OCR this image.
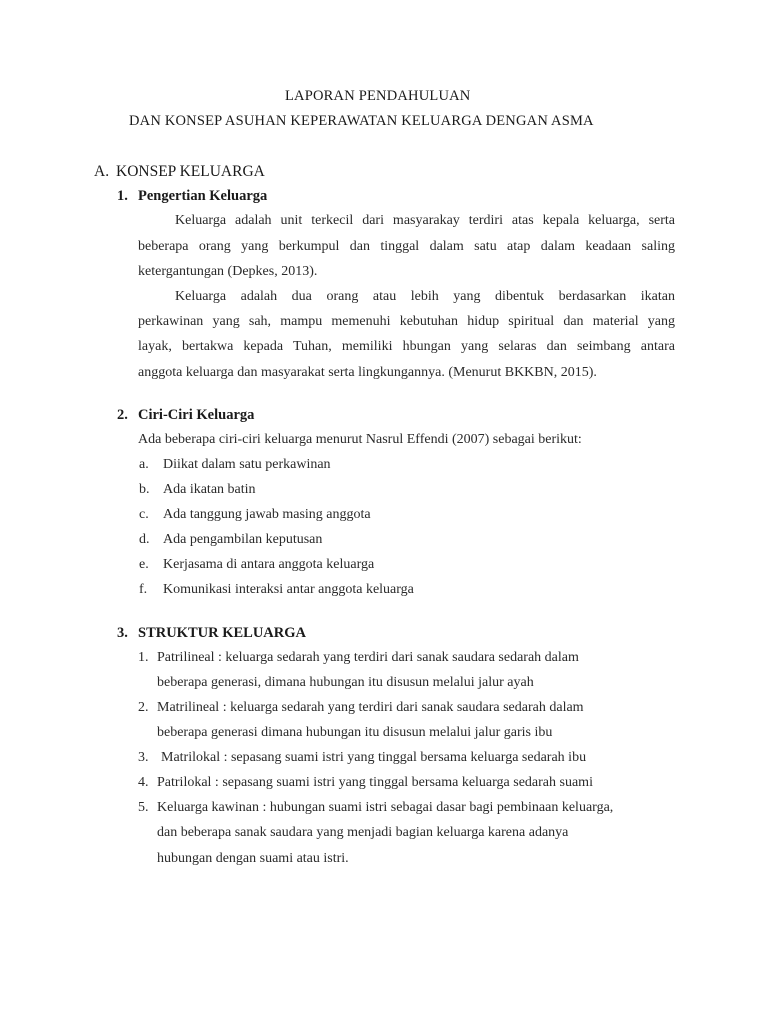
LAPORAN PENDAHULUAN
DAN KONSEP ASUHAN KEPERAWATAN KELUARGA DENGAN ASMA
A. KONSEP KELUARGA
1. Pengertian Keluarga
Keluarga adalah unit terkecil dari masyarakay terdiri atas kepala keluarga, serta
beberapa orang yang berkumpul dan tinggal dalam satu atap dalam keadaan saling
ketergantungan (Depkes, 2013).
Keluarga adalah dua orang atau lebih yang dibentuk berdasarkan ikatan
perkawinan yang sah, mampu memenuhi kebutuhan hidup spiritual dan material yang
layak, bertakwa kepada Tuhan, memiliki hbungan yang selaras dan seimbang antara
anggota keluarga dan masyarakat serta lingkungannya. (Menurut BKKBN, 2015).
2. Ciri-Ciri Keluarga
Ada beberapa ciri-ciri keluarga menurut Nasrul Effendi (2007) sebagai berikut:
a. Diikat dalam satu perkawinan
b. Ada ikatan batin
c. Ada tanggung jawab masing anggota
d. Ada pengambilan keputusan
e. Kerjasama di antara anggota keluarga
f. Komunikasi interaksi antar anggota keluarga
3. STRUKTUR KELUARGA
1. Patrilineal : keluarga sedarah yang terdiri dari sanak saudara sedarah dalam
beberapa generasi, dimana hubungan itu disusun melalui jalur ayah
2. Matrilineal : keluarga sedarah yang terdiri dari sanak saudara sedarah dalam
beberapa generasi dimana hubungan itu disusun melalui jalur garis ibu
3. Matrilokal : sepasang suami istri yang tinggal bersama keluarga sedarah ibu
4. Patrilokal : sepasang suami istri yang tinggal bersama keluarga sedarah suami
5. Keluarga kawinan : hubungan suami istri sebagai dasar bagi pembinaan keluarga,
dan beberapa sanak saudara yang menjadi bagian keluarga karena adanya
hubungan dengan suami atau istri.
